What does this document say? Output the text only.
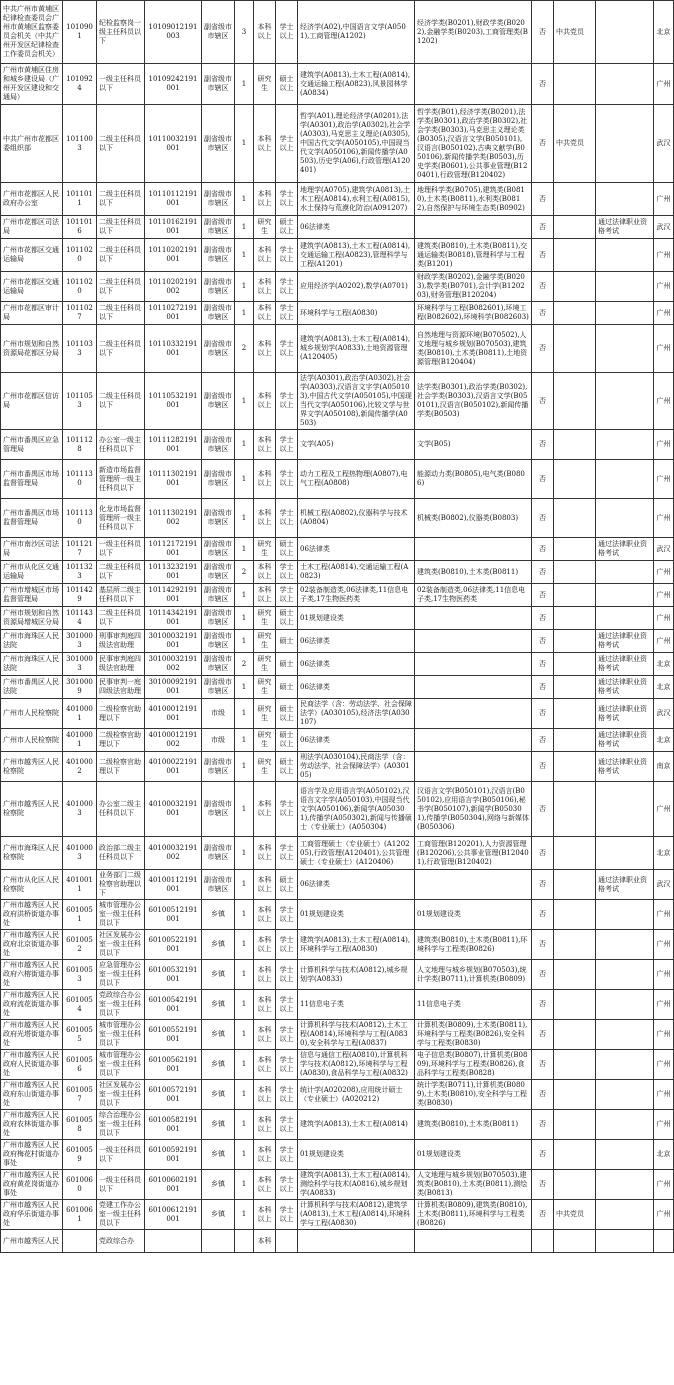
中共广州市黄埔区纪律检查委员会广州市黄埔区监察委员会机关（中共广州开发区纪律检查工作委员会机关）	1010901	纪检监察岗一级主任科员以下	10109012191003	副省级市市辖区	3	本科以上	学士以上	经济学(A02),中国语言文学(A0501),工商管理(A1202)	经济学类(B0201),财政学类(B0202),金融学类(B0203),工商管理类(B1202)	否	中共党员		北京
广州市黄埔区住房和城乡建设局（广州开发区建设和交通局）	1010924	一级主任科员以下	10109242191001	副省级市市辖区	1	研究生	硕士以上	建筑学(A0813),土木工程(A0814),交通运输工程(A0823),风景园林学(A0834)		否			广州
中共广州市花都区委组织部	1011003	二级主任科员以下	10110032191001	副省级市市辖区	1	本科以上	学士以上	哲学(A01),理论经济学(A0201),法学(A0301),政治学(A0302),社会学(A0303),马克思主义理论(A0305),中国古代文学(A050105),中国现当代文学(A050106),新闻传播学(A0503),历史学(A06),行政管理(A120401)	哲学类(B01),经济学类(B0201),法学类(B0301),政治学类(B0302),社会学类(B0303),马克思主义理论类(B0305),汉语言文学(B050101),汉语言(B050102),古典文献学(B050106),新闻传播学类(B0503),历史学类(B0601),公共事业管理(B120401),行政管理(B120402)	否	中共党员		武汉
广州市花都区人民政府办公室	1011011	二级主任科员以下	10110112191001	副省级市市辖区	1	本科以上	学士以上	地理学(A0705),建筑学(A0813),土木工程(A0814),水利工程(A0815),水土保持与荒漠化防治(A091207)	地理科学类(B0705),建筑类(B0810),土木类(B0811),水利类(B0812),自然保护与环境生态类(B0902)	否			广州
广州市花都区司法局	1011016	二级主任科员以下	10110162191001	副省级市市辖区	1	研究生	硕士以上	06法律类		否		通过法律职业资格考试	武汉
广州市花都区交通运输局	1011020	二级主任科员以下	10110202191001	副省级市市辖区	1	本科以上	学士以上	建筑学(A0813),土木工程(A0814),交通运输工程(A0823),管理科学与工程(A1201)	建筑类(B0810),土木类(B0811),交通运输类(B0818),管理科学与工程类(B1201)	否			广州
广州市花都区交通运输局	1011020	二级主任科员以下	10110202191002	副省级市市辖区	1	本科以上	学士以上	应用经济学(A0202),数学(A0701)	财政学类(B0202),金融学类(B0203),数学类(B0701),会计学(B120203),财务管理(B120204)	否			广州
广州市花都区审计局	1011027	二级主任科员以下	10110272191001	副省级市市辖区	1	本科以上	学士以上	环境科学与工程(A0830)	环境科学与工程(B082601),环境工程(B082602),环境科学(B082603)	否			广州
广州市规划和自然资源局花都区分局	1011033	二级主任科员以下	10110332191001	副省级市市辖区	2	本科以上	学士以上	建筑学(A0813),土木工程(A0814),城乡规划学(A0833),土地资源管理(A120405)	自然地理与资源环境(B070502),人文地理与城乡规划(B070503),建筑类(B0810),土木类(B0811),土地资源管理(B120404)	否			广州
广州市花都区信访局	1011053	二级主任科员以下	10110532191001	副省级市市辖区	1	本科以上	学士以上	法学(A0301),政治学(A0302),社会学(A0303),汉语言文字学(A050103),中国古代文学(A050105),中国现当代文学(A050106),比较文学与世界文学(A050108),新闻传播学(A0503)	法学类(B0301),政治学类(B0302),社会学类(B0303),汉语言文学(B050101),汉语言(B050102),新闻传播学类(B0503)	否			广州
广州市番禺区应急管理局	1011128	办公室一级主任科员以下	10111282191001	副省级市市辖区	1	本科以上	学士以上	文学(A05)	文学(B05)	否			广州
广州市番禺区市场监督管理局	1011130	新造市场监督管理所一级主任科员以下	10111302191001	副省级市市辖区	1	本科以上	学士以上	动力工程及工程热物理(A0807),电气工程(A0808)	能源动力类(B0805),电气类(B0806)	否			广州
广州市番禺区市场监督管理局	1011130	化龙市场监督管理所一级主任科员以下	10111302191002	副省级市市辖区	1	本科以上	学士以上	机械工程(A0802),仪器科学与技术(A0804)	机械类(B0802),仪器类(B0803)	否			广州
广州市南沙区司法局	1011217	一级主任科员以下	10112172191001	副省级市市辖区	1	研究生	硕士以上	06法律类		否		通过法律职业资格考试	武汉
广州市从化区交通运输局	1011323	二级主任科员以下	10113232191001	副省级市市辖区	2	本科以上	学士以上	土木工程(A0814),交通运输工程(A0823)	建筑类(B0810),土木类(B0811)	否			广州
广州市增城区市场监督管理局	1011429	基层所二级主任科员以下	10114292191001	副省级市市辖区	1	本科以上	学士以上	02装备制造类,06法律类,11信息电子类,17生物医药类	02装备制造类,06法律类,11信息电子类,17生物医药类	否			广州
广州市规划和自然资源局增城区分局	1011434	二级主任科员以下	10114342191001	副省级市市辖区	1	研究生	硕士以上	01规划建设类		否			广州
广州市海珠区人民法院	3010003	刑事审判庭四级法官助理	30100032191001	副省级市市辖区	1	研究生	硕士	06法律类		否		通过法律职业资格考试	广州
广州市海珠区人民法院	3010003	民事审判庭四级法官助理	30100032191002	副省级市市辖区	2	研究生	硕士	06法律类		否		通过法律职业资格考试	北京
广州市番禺区人民法院	3010009	民事审判一庭四级法官助理	30100092191001	副省级市市辖区	1	研究生	硕士	06法律类		否		通过法律职业资格考试	北京
广州市人民检察院	4010001	二级检察官助理以下	40100012191001	市级	1	研究生	硕士以上	民商法学（含：劳动法学、社会保障法学）(A030105),经济法学(A030107)		否		通过法律职业资格考试	武汉
广州市人民检察院	4010001	二级检察官助理以下	40100012191002	市级	1	研究生	硕士以上	06法律类		否		通过法律职业资格考试	北京
广州市越秀区人民检察院	4010002	二级检察官助理以下	40100022191001	副省级市市辖区	1	研究生	硕士以上	刑法学(A030104),民商法学（含：劳动法学、社会保障法学）(A030105)		否		通过法律职业资格考试	南京
广州市越秀区人民检察院	4010003	办公室二级主任科员以下	40100032191001	副省级市市辖区	1	本科以上	学士以上	语言学及应用语言学(A050102),汉语言文字学(A050103),中国现当代文学(A050106),新闻学(A050301),传播学(A050302),新闻与传播硕士（专业硕士）(A050304)	汉语言文学(B050101),汉语言(B050102),应用语言学(B050106),秘书学(B050107),新闻学(B050301),传播学(B050304),网络与新媒体(B050306)	否			广州
广州市海珠区人民检察院	4010003	政治部二级主任科员以下	40100032191002	副省级市市辖区	1	本科以上	学士以上	工商管理硕士（专业硕士）(A120205),行政管理(A120401),公共管理硕士（专业硕士）(A120406)	工商管理(B120201),人力资源管理(B120206),公共事业管理(B120401),行政管理(B120402)	否			北京
广州市从化区人民检察院	4010011	业务部门二级检察官助理以下	40100112191001	副省级市市辖区	1	本科以上	硕士以上	06法律类		否		通过法律职业资格考试	武汉
广州市越秀区人民政府洪桥街道办事处	6010051	城市管理办公室一级主任科员以下	60100512191001	乡镇	1	本科以上	学士以上	01规划建设类	01规划建设类	否			广州
广州市越秀区人民政府北京街道办事处	6010052	社区发展办公室一级主任科员以下	60100522191001	乡镇	1	本科以上	学士以上	建筑学(A0813),土木工程(A0814),环境科学与工程(A0830)	建筑类(B0810),土木类(B0811),环境科学与工程类(B0826)	否			广州
广州市越秀区人民政府六榕街道办事处	6010053	应急管理办公室一级主任科员以下	60100532191001	乡镇	1	本科以上	学士以上	计算机科学与技术(A0812),城乡规划学(A0833)	人文地理与城乡规划(B070503),统计学类(B0711),计算机类(B0809)	否			广州
广州市越秀区人民政府流花街道办事处	6010054	党政综合办公室一级主任科员以下	60100542191001	乡镇	1	本科以上	学士以上	11信息电子类	11信息电子类	否			广州
广州市越秀区人民政府光塔街道办事处	6010055	城市管理办公室一级主任科员以下	60100552191001	乡镇	1	本科以上	学士以上	计算机科学与技术(A0812),土木工程(A0814),环境科学与工程(A0830),安全科学与工程(A0837)	计算机类(B0809),土木类(B0811),环境科学与工程类(B0826),安全科学与工程类(B0830)	否			广州
广州市越秀区人民政府人民街道办事处	6010056	城市管理办公室一级主任科员以下	60100562191001	乡镇	1	本科以上	学士以上	信息与通信工程(A0810),计算机科学与技术(A0812),环境科学与工程(A0830),食品科学与工程(A0832)	电子信息类(B0807),计算机类(B0809),环境科学与工程类(B0826),食品科学与工程类(B0828)	否			广州
广州市越秀区人民政府东山街道办事处	6010057	社区发展办公室一级主任科员以下	60100572191001	乡镇	1	本科以上	学士以上	统计学(A020208),应用统计硕士（专业硕士）(A020212)	统计学类(B0711),计算机类(B0809),土木类(B0810),安全科学与工程类(B0830)	否			广州
广州市越秀区人民政府农林街道办事处	6010058	综合治理办公室一级主任科员以下	60100582191001	乡镇	1	本科以上	学士以上	建筑学(A0813),土木工程(A0814)	建筑类(B0810),土木类(B0811)	否			广州
广州市越秀区人民政府梅花村街道办事处	6010059	一级主任科员以下	60100592191001	乡镇	1	本科以上	学士以上	01规划建设类	01规划建设类	否			北京
广州市越秀区人民政府黄花岗街道办事处	6010060	一级主任科员以下	60100602191001	乡镇	1	本科以上	学士以上	建筑学(A0813),土木工程(A0814),测绘科学与技术(A0816),城乡规划学(A0833)	人文地理与城乡规划(B070503),建筑类(B0810),土木类(B0811),测绘类(B0813)	否			广州
广州市越秀区人民政府华乐街道办事处	6010061	党建工作办公室一级主任科员以下	60100612191001	乡镇	1	本科以上	学士以上	计算机科学与技术(A0812),建筑学(A0813),土木工程(A0814),环境科学与工程(A0830)	计算机类(B0809),建筑类(B0810),土木类(B0811),环境科学与工程类(B0826)	否	中共党员		广州
广州市越秀区人民		党政综合办				本科							
